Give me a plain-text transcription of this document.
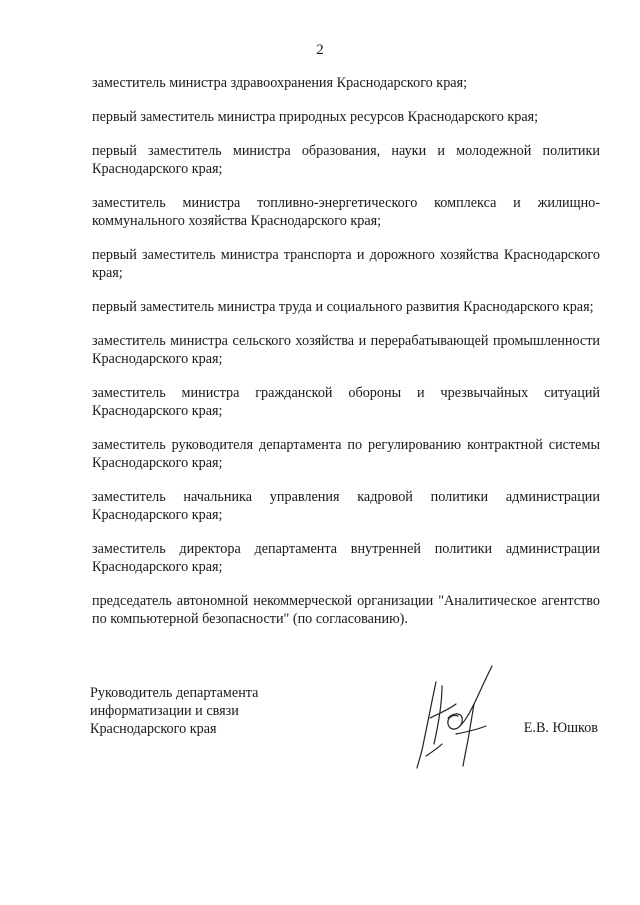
2

заместитель министра здравоохранения Краснодарского края;

первый заместитель министра природных ресурсов Краснодарского края;

первый заместитель министра образования, науки и молодежной политики Краснодарского края;

заместитель министра топливно-энергетического комплекса и жилищно-коммунального хозяйства Краснодарского края;

первый заместитель министра транспорта и дорожного хозяйства Краснодарского края;

первый заместитель министра труда и социального развития Краснодарского края;

заместитель министра сельского хозяйства и перерабатывающей промышленности Краснодарского края;

заместитель министра гражданской обороны и чрезвычайных ситуаций Краснодарского края;

заместитель руководителя департамента по регулированию контрактной системы Краснодарского края;

заместитель начальника управления кадровой политики администрации Краснодарского края;

заместитель директора департамента внутренней политики администрации Краснодарского края;

председатель автономной некоммерческой организации "Аналитическое агентство по компьютерной безопасности" (по согласованию).

Руководитель департамента
информатизации и связи
Краснодарского края	Е.В. Юшков
